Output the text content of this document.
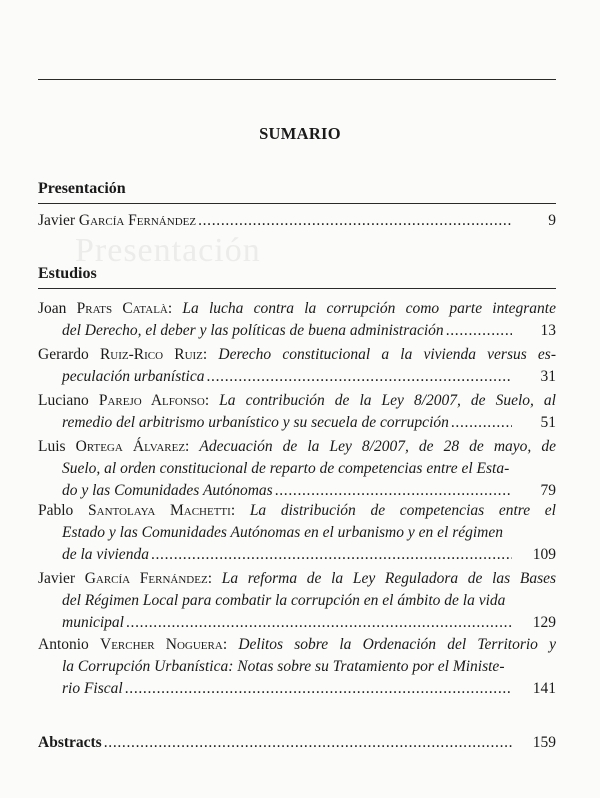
Presentación
SUMARIO
Presentación
Javier García Fernández . . .	9
Estudios
Joan Prats Català: La lucha contra la corrupción como parte integrante
del Derecho, el deber y las políticas de buena administración . . .	13
Gerardo Ruiz-Rico Ruiz: Derecho constitucional a la vivienda versus es-
peculación urbanística . . .	31
Luciano Parejo Alfonso: La contribución de la Ley 8/2007, de Suelo, al
remedio del arbitrismo urbanístico y su secuela de corrupción . . .	51
Luis Ortega Álvarez: Adecuación de la Ley 8/2007, de 28 de mayo, de
Suelo, al orden constitucional de reparto de competencias entre el Esta-
do y las Comunidades Autónomas . . .	79
Pablo Santolaya Machetti: La distribución de competencias entre el
Estado y las Comunidades Autónomas en el urbanismo y en el régimen
de la vivienda . . .	109
Javier García Fernández: La reforma de la Ley Reguladora de las Bases
del Régimen Local para combatir la corrupción en el ámbito de la vida
municipal . . .	129
Antonio Vercher Noguera: Delitos sobre la Ordenación del Territorio y
la Corrupción Urbanística: Notas sobre su Tratamiento por el Ministe-
rio Fiscal . . .	141
Abstracts . . .	159
